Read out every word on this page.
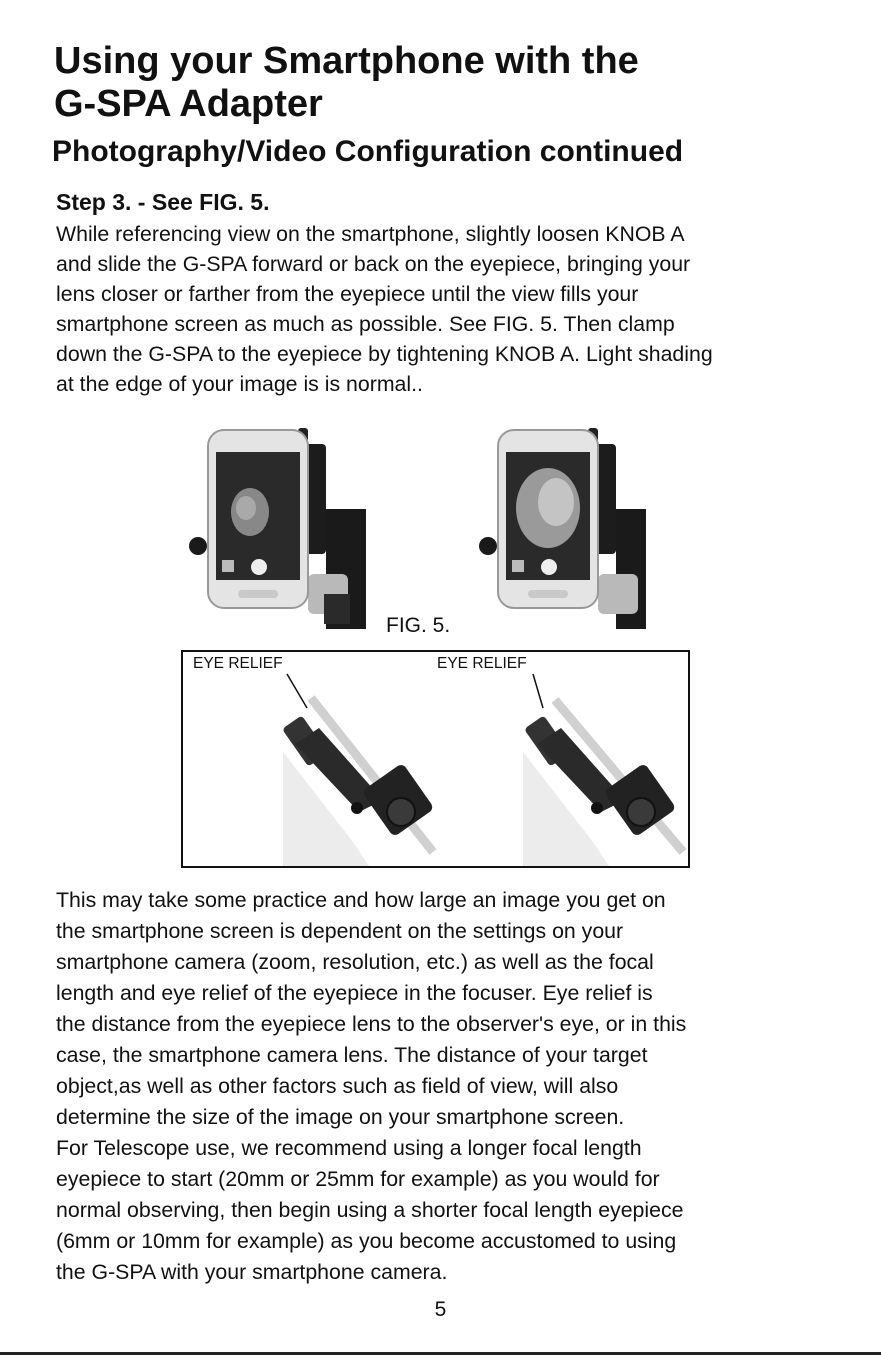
Using your Smartphone with the
G-SPA Adapter
Photography/Video Configuration continued
Step 3. - See FIG. 5.

While referencing view on the smartphone, slightly loosen KNOB A
and slide the G-SPA forward or back on the eyepiece, bringing your
lens closer or farther from the eyepiece until the view fills your
smartphone screen as much as possible. See FIG. 5. Then clamp
down the G-SPA to the eyepiece by tightening KNOB A. Light shading
at the edge of your image is is normal..

FIG. 5.
EYE RELIEF	EYE RELIEF

This may take some practice and how large an image you get on
the smartphone screen is dependent on the settings on your
smartphone camera (zoom, resolution, etc.) as well as the focal
length and eye relief of the eyepiece in the focuser. Eye relief is
the distance from the eyepiece lens to the observer's eye, or in this
case, the smartphone camera lens. The distance of your target
object,as well as other factors such as field of view, will also
determine the size of the image on your smartphone screen.
For Telescope use, we recommend using a longer focal length
eyepiece to start (20mm or 25mm for example) as you would for
normal observing, then begin using a shorter focal length eyepiece
(6mm or 10mm for example) as you become accustomed to using
the G-SPA with your smartphone camera.

5
